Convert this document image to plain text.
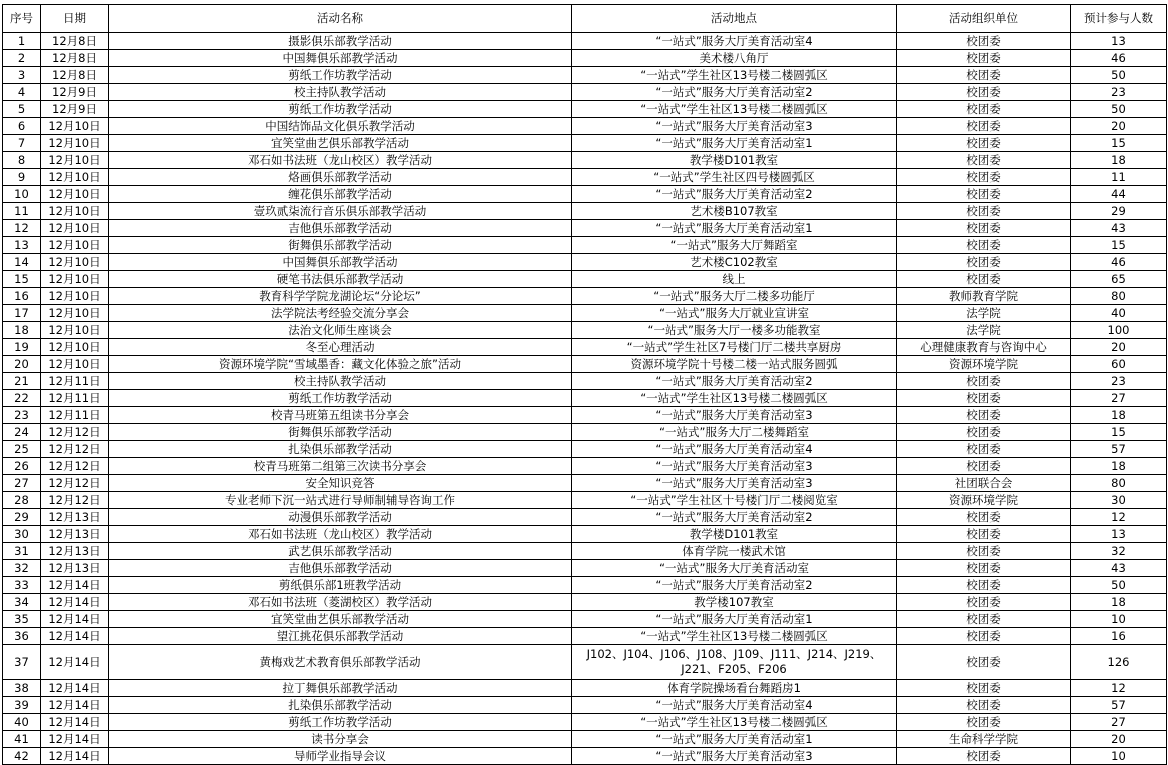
序号	日期	活动名称	活动地点	活动组织单位	预计参与人数
1	12月8日	摄影俱乐部教学活动	“一站式”服务大厅美育活动室4	校团委	13
2	12月8日	中国舞俱乐部教学活动	美术楼八角厅	校团委	46
3	12月8日	剪纸工作坊教学活动	“一站式”学生社区13号楼二楼圆弧区	校团委	50
4	12月9日	校主持队教学活动	“一站式”服务大厅美育活动室2	校团委	23
5	12月9日	剪纸工作坊教学活动	“一站式”学生社区13号楼二楼圆弧区	校团委	50
6	12月10日	中国结饰品文化俱乐教学活动	“一站式”服务大厅美育活动室3	校团委	20
7	12月10日	宜笑堂曲艺俱乐部教学活动	“一站式”服务大厅美育活动室1	校团委	15
8	12月10日	邓石如书法班（龙山校区）教学活动	教学楼D101教室	校团委	18
9	12月10日	烙画俱乐部教学活动	“一站式”学生社区四号楼圆弧区	校团委	11
10	12月10日	缠花俱乐部教学活动	“一站式”服务大厅美育活动室2	校团委	44
11	12月10日	壹玖贰柒流行音乐俱乐部教学活动	艺术楼B107教室	校团委	29
12	12月10日	吉他俱乐部教学活动	“一站式”服务大厅美育活动室1	校团委	43
13	12月10日	街舞俱乐部教学活动	“一站式”服务大厅舞蹈室	校团委	15
14	12月10日	中国舞俱乐部教学活动	艺术楼C102教室	校团委	46
15	12月10日	硬笔书法俱乐部教学活动	线上	校团委	65
16	12月10日	教育科学学院龙湖论坛“分论坛”	“一站式”服务大厅二楼多功能厅	教师教育学院	80
17	12月10日	法学院法考经验交流分享会	“一站式”服务大厅就业宣讲室	法学院	40
18	12月10日	法治文化师生座谈会	“一站式”服务大厅一楼多功能教室	法学院	100
19	12月10日	冬至心理活动	“一站式”学生社区7号楼门厅二楼共享厨房	心理健康教育与咨询中心	20
20	12月10日	资源环境学院“雪域墨香：藏文化体验之旅”活动	资源环境学院十号楼二楼一站式服务圆弧	资源环境学院	60
21	12月11日	校主持队教学活动	“一站式”服务大厅美育活动室2	校团委	23
22	12月11日	剪纸工作坊教学活动	“一站式”学生社区13号楼二楼圆弧区	校团委	27
23	12月11日	校青马班第五组读书分享会	“一站式”服务大厅美育活动室3	校团委	18
24	12月12日	街舞俱乐部教学活动	“一站式”服务大厅二楼舞蹈室	校团委	15
25	12月12日	扎染俱乐部教学活动	“一站式”服务大厅美育活动室4	校团委	57
26	12月12日	校青马班第二组第三次读书分享会	“一站式”服务大厅美育活动室3	校团委	18
27	12月12日	安全知识竞答	“一站式”服务大厅美育活动室3	社团联合会	80
28	12月12日	专业老师下沉一站式进行导师制辅导咨询工作	“一站式”学生社区十号楼门厅二楼阅览室	资源环境学院	30
29	12月13日	动漫俱乐部教学活动	“一站式”服务大厅美育活动室2	校团委	12
30	12月13日	邓石如书法班（龙山校区）教学活动	教学楼D101教室	校团委	13
31	12月13日	武艺俱乐部教学活动	体育学院一楼武术馆	校团委	32
32	12月13日	吉他俱乐部教学活动	“一站式”服务大厅美育活动室	校团委	43
33	12月14日	剪纸俱乐部1班教学活动	“一站式”服务大厅美育活动室2	校团委	50
34	12月14日	邓石如书法班（菱湖校区）教学活动	教学楼107教室	校团委	18
35	12月14日	宜笑堂曲艺俱乐部教学活动	“一站式”服务大厅美育活动室1	校团委	10
36	12月14日	望江挑花俱乐部教学活动	“一站式”学生社区13号楼二楼圆弧区	校团委	16
37	12月14日	黄梅戏艺术教育俱乐部教学活动	J102、J104、J106、J108、J109、J111、J214、J219、J221、F205、F206	校团委	126
38	12月14日	拉丁舞俱乐部教学活动	体育学院操场看台舞蹈房1	校团委	12
39	12月14日	扎染俱乐部教学活动	“一站式”服务大厅美育活动室4	校团委	57
40	12月14日	剪纸工作坊教学活动	“一站式”学生社区13号楼二楼圆弧区	校团委	27
41	12月14日	读书分享会	“一站式”服务大厅美育活动室1	生命科学学院	20
42	12月14日	导师学业指导会议	“一站式”服务大厅美育活动室3	校团委	10
